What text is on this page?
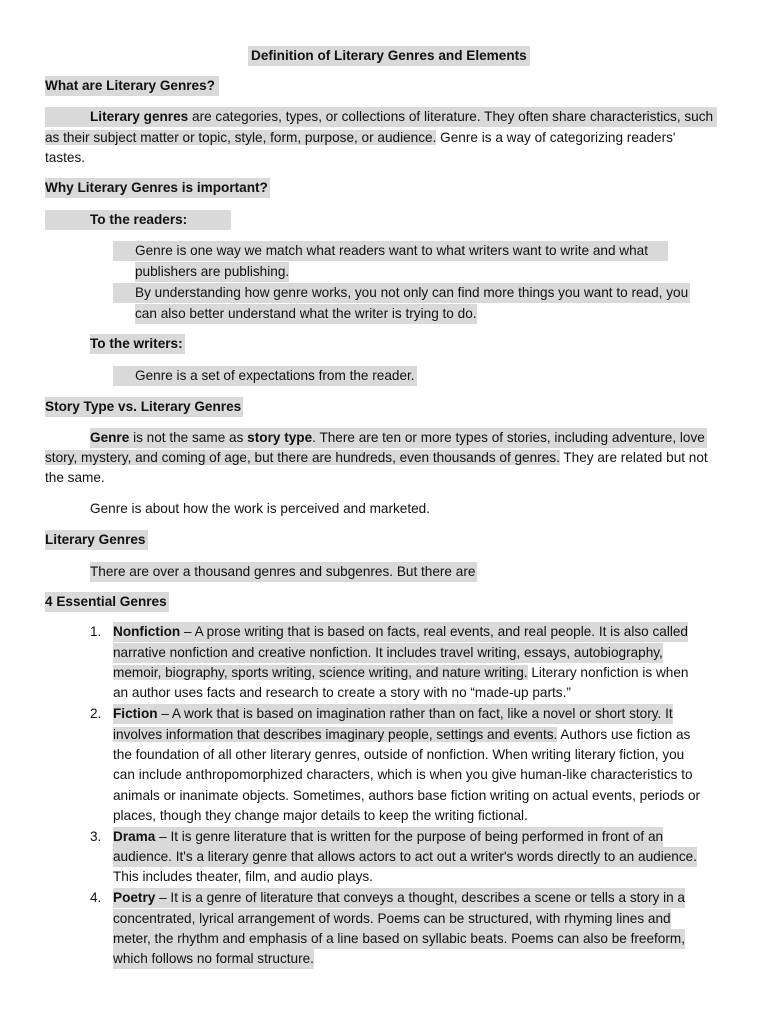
Definition of Literary Genres and Elements
What are Literary Genres?
Literary genres are categories, types, or collections of literature. They often share characteristics, such
as their subject matter or topic, style, form, purpose, or audience. Genre is a way of categorizing readers'
tastes.
Why Literary Genres is important?
To the readers:
Genre is one way we match what readers want to what writers want to write and what
publishers are publishing.
By understanding how genre works, you not only can find more things you want to read, you
can also better understand what the writer is trying to do.
To the writers:
Genre is a set of expectations from the reader.
Story Type vs. Literary Genres
Genre is not the same as story type. There are ten or more types of stories, including adventure, love
story, mystery, and coming of age, but there are hundreds, even thousands of genres. They are related but not
the same.
Genre is about how the work is perceived and marketed.
Literary Genres
There are over a thousand genres and subgenres. But there are
4 Essential Genres
1. Nonfiction – A prose writing that is based on facts, real events, and real people. It is also called
narrative nonfiction and creative nonfiction. It includes travel writing, essays, autobiography,
memoir, biography, sports writing, science writing, and nature writing. Literary nonfiction is when
an author uses facts and research to create a story with no “made-up parts.”
2. Fiction – A work that is based on imagination rather than on fact, like a novel or short story. It
involves information that describes imaginary people, settings and events. Authors use fiction as
the foundation of all other literary genres, outside of nonfiction. When writing literary fiction, you
can include anthropomorphized characters, which is when you give human-like characteristics to
animals or inanimate objects. Sometimes, authors base fiction writing on actual events, periods or
places, though they change major details to keep the writing fictional.
3. Drama – It is genre literature that is written for the purpose of being performed in front of an
audience. It's a literary genre that allows actors to act out a writer's words directly to an audience.
This includes theater, film, and audio plays.
4. Poetry – It is a genre of literature that conveys a thought, describes a scene or tells a story in a
concentrated, lyrical arrangement of words. Poems can be structured, with rhyming lines and
meter, the rhythm and emphasis of a line based on syllabic beats. Poems can also be freeform,
which follows no formal structure.
